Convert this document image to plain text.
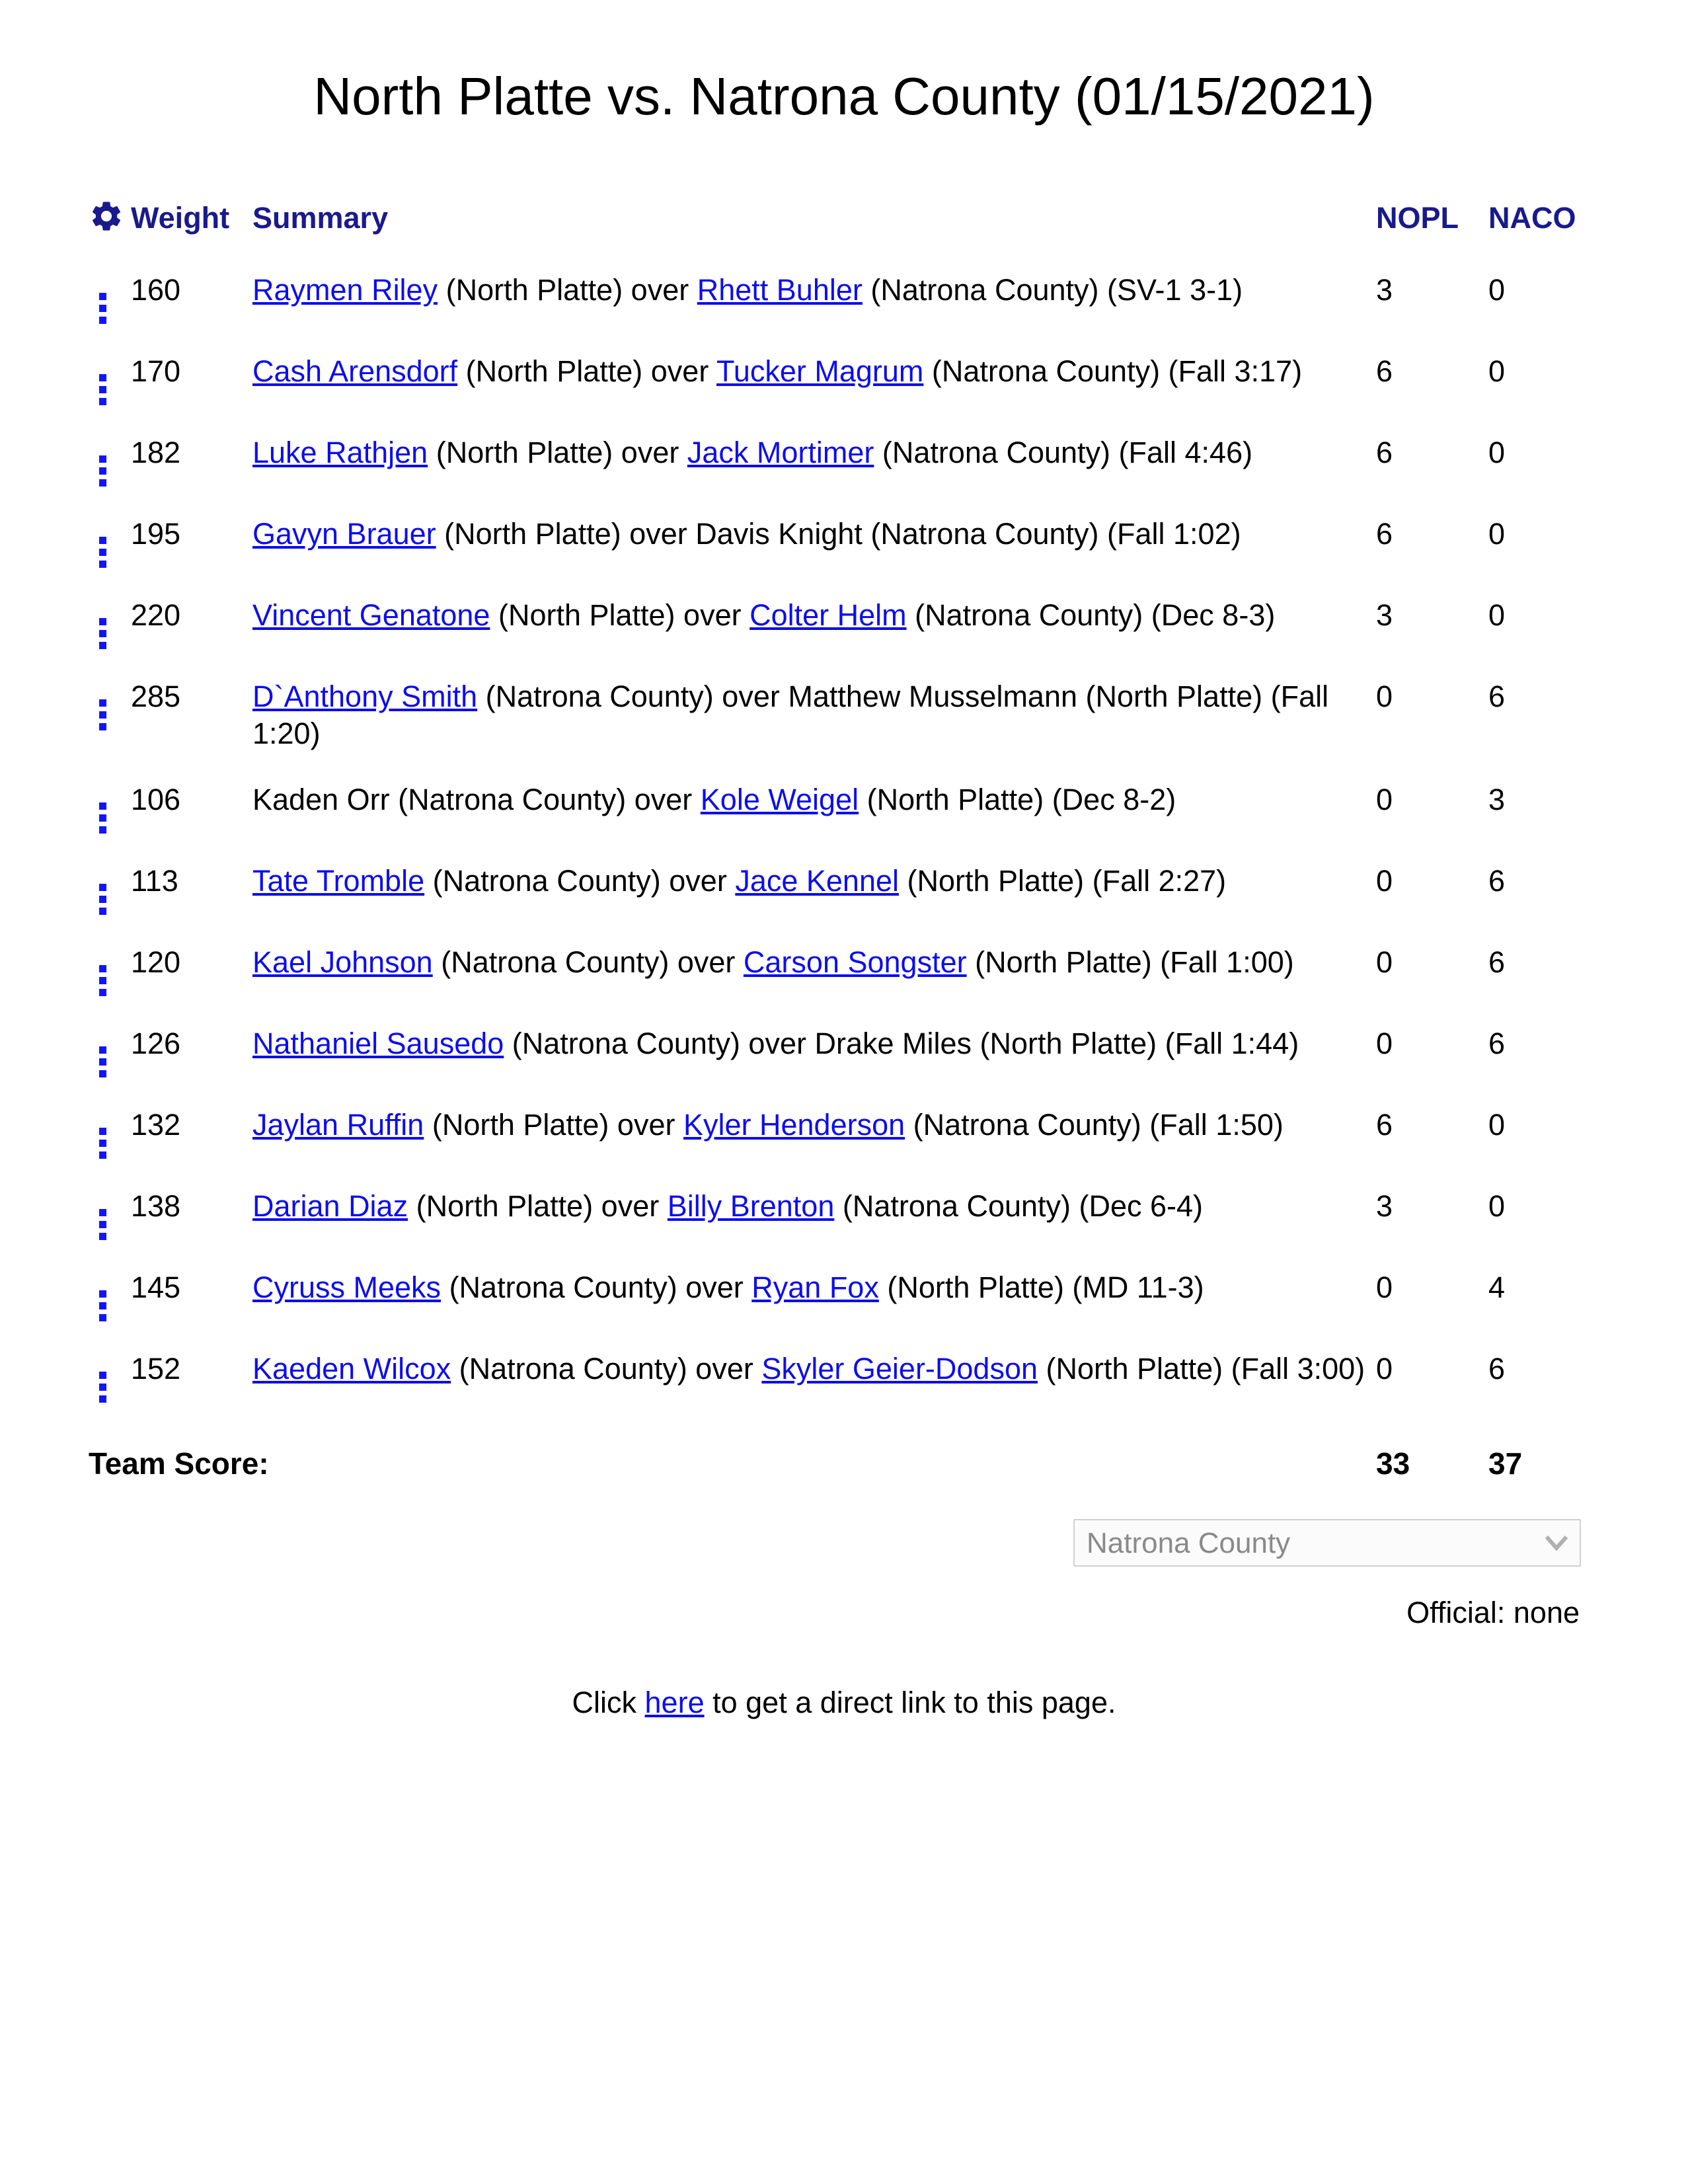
North Platte vs. Natrona County (01/15/2021)
	Weight	Summary	NOPL	NACO

	160	Raymen Riley (North Platte) over Rhett Buhler (Natrona County) (SV-1 3-1)	3	0

	170	Cash Arensdorf (North Platte) over Tucker Magrum (Natrona County) (Fall 3:17)	6	0

	182	Luke Rathjen (North Platte) over Jack Mortimer (Natrona County) (Fall 4:46)	6	0

	195	Gavyn Brauer (North Platte) over Davis Knight (Natrona County) (Fall 1:02)	6	0

	220	Vincent Genatone (North Platte) over Colter Helm (Natrona County) (Dec 8-3)	3	0

	285	D`Anthony Smith (Natrona County) over Matthew Musselmann (North Platte) (Fall 1:20)	0	6

	106	Kaden Orr (Natrona County) over Kole Weigel (North Platte) (Dec 8-2)	0	3

	113	Tate Tromble (Natrona County) over Jace Kennel (North Platte) (Fall 2:27)	0	6

	120	Kael Johnson (Natrona County) over Carson Songster (North Platte) (Fall 1:00)	0	6

	126	Nathaniel Sausedo (Natrona County) over Drake Miles (North Platte) (Fall 1:44)	0	6

	132	Jaylan Ruffin (North Platte) over Kyler Henderson (Natrona County) (Fall 1:50)	6	0

	138	Darian Diaz (North Platte) over Billy Brenton (Natrona County) (Dec 6-4)	3	0

	145	Cyruss Meeks (Natrona County) over Ryan Fox (North Platte) (MD 11-3)	0	4

	152	Kaeden Wilcox (Natrona County) over Skyler Geier-Dodson (North Platte) (Fall 3:00)	0	6
Team Score:			33	37
Natrona County
Official: none
Click here to get a direct link to this page.
